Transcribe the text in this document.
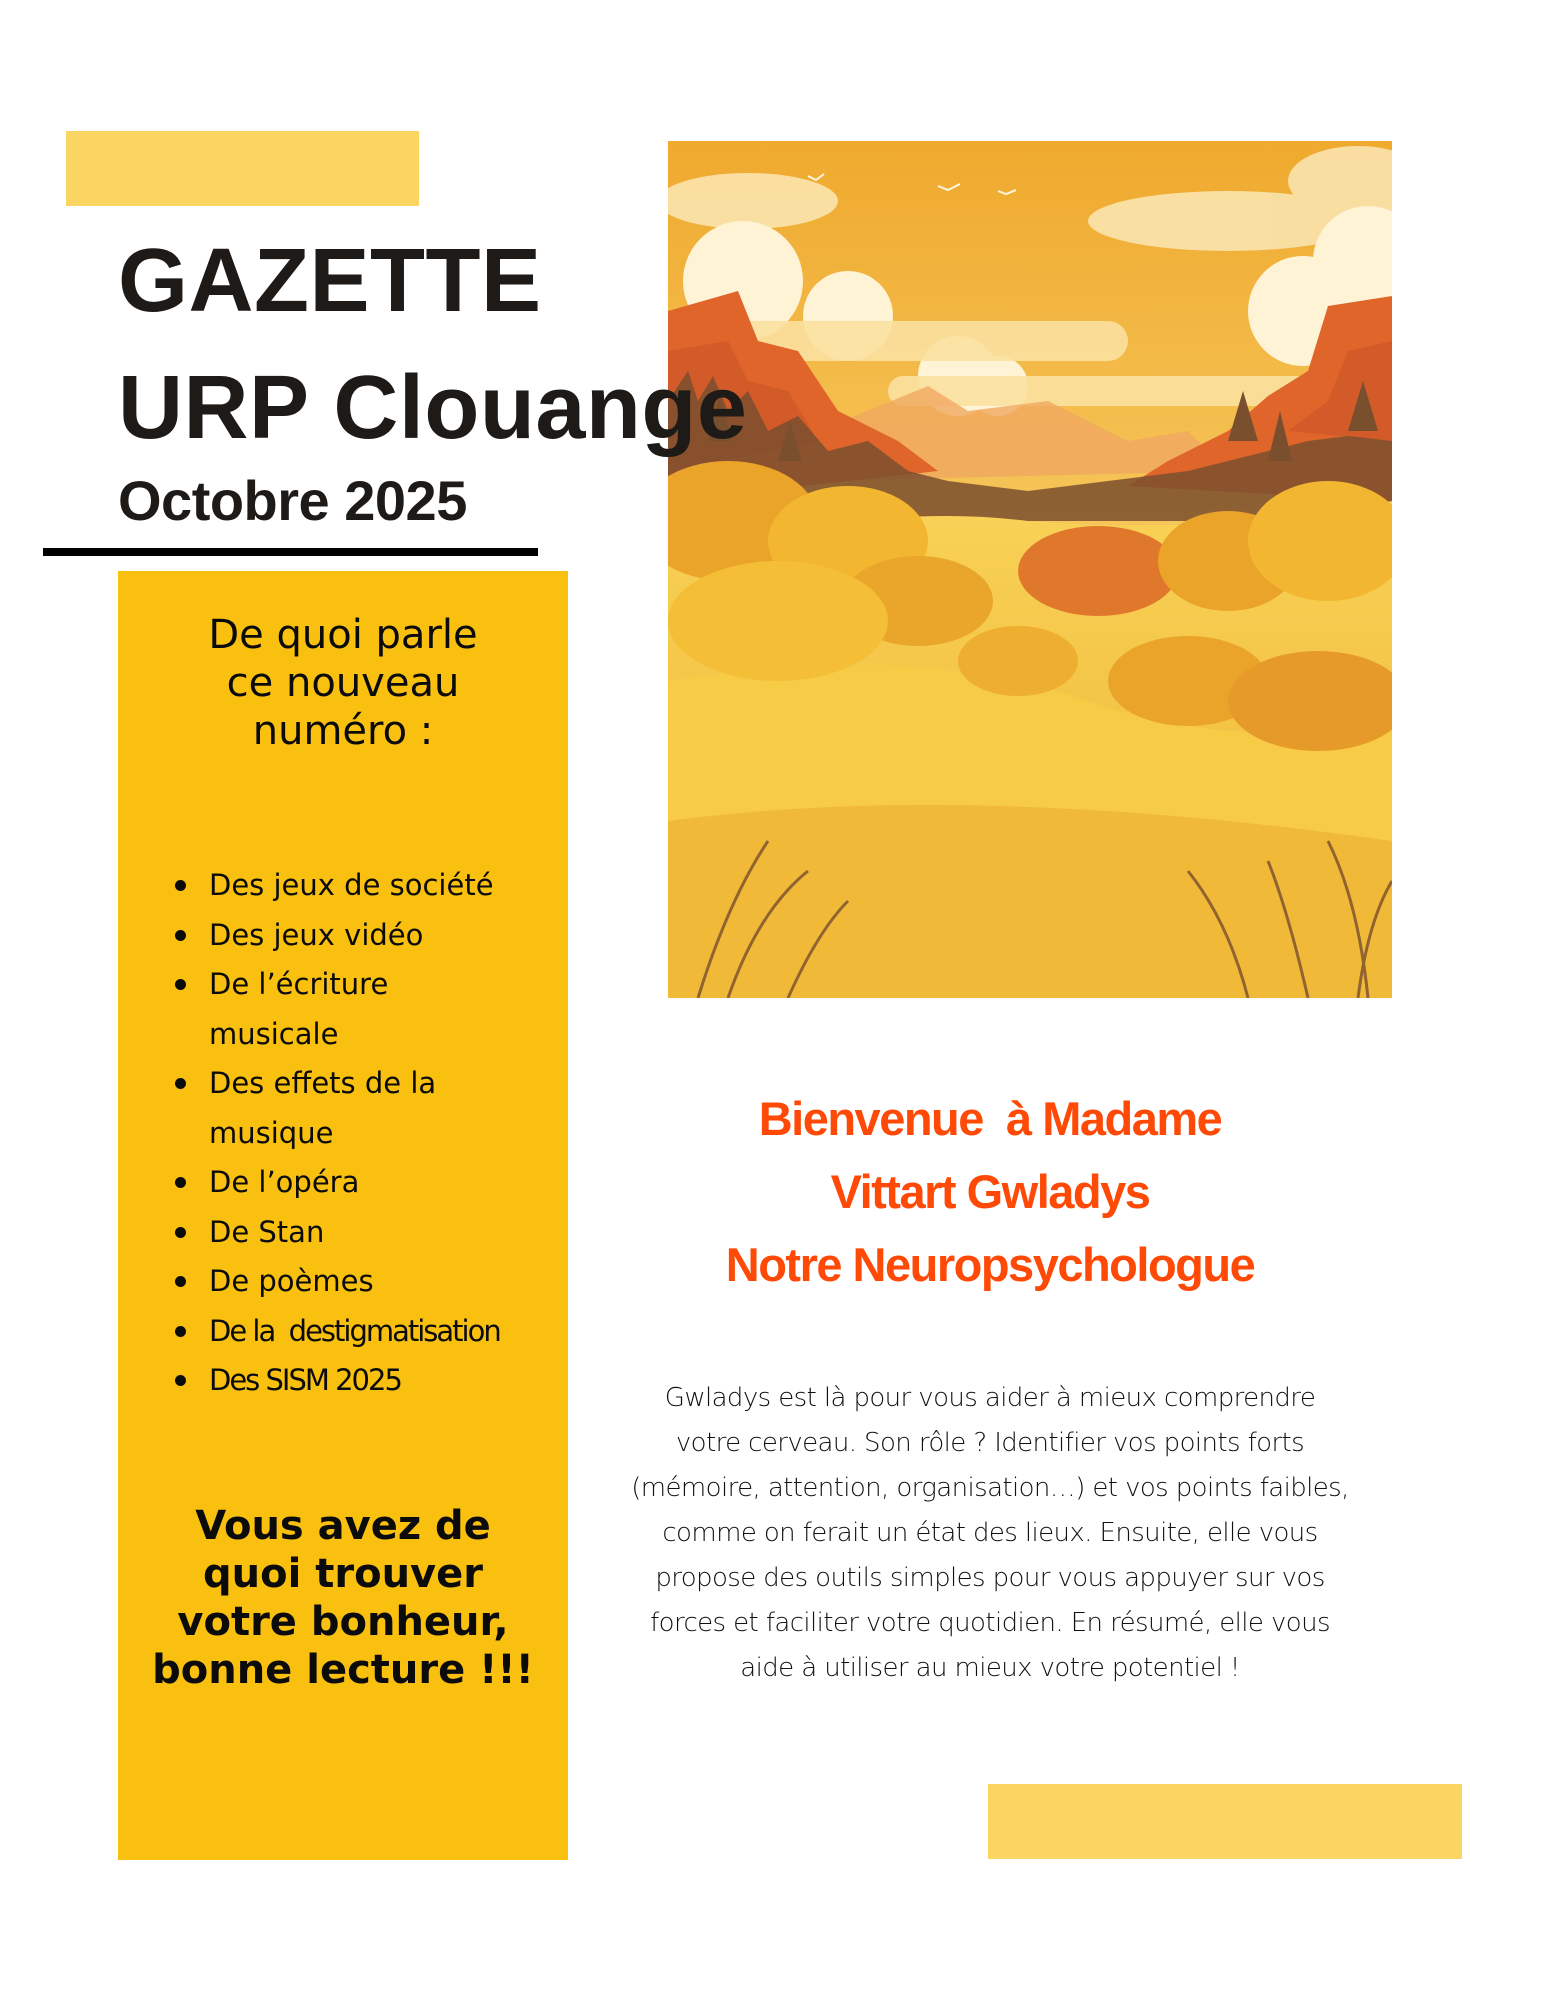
GAZETTE
URP Clouange
Octobre 2025
De quoi parle
ce nouveau
numéro :
Des jeux de société
Des jeux vidéo
De l’écriture musicale
Des effets de la musique
De l’opéra
De Stan
De poèmes
De la  destigmatisation
Des SISM 2025
Vous avez de
quoi trouver
votre bonheur,
bonne lecture !!!
Bienvenue  à Madame
Vittart Gwladys
Notre Neuropsychologue
Gwladys est là pour vous aider à mieux comprendre
votre cerveau. Son rôle ? Identifier vos points forts
(mémoire, attention, organisation…) et vos points faibles,
comme on ferait un état des lieux. Ensuite, elle vous
propose des outils simples pour vous appuyer sur vos
forces et faciliter votre quotidien. En résumé, elle vous
aide à utiliser au mieux votre potentiel !
